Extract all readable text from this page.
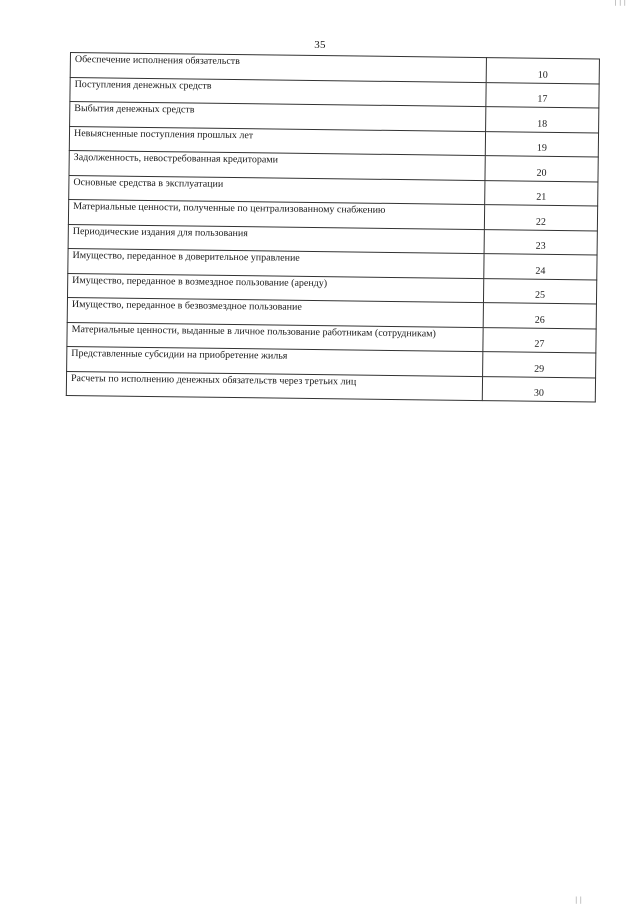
| | |
35
Обеспечение исполнения обязательств	10
Поступления денежных средств	17
Выбытия денежных средств	18
Невыясненные поступления прошлых лет	19
Задолженность, невостребованная кредиторами	20
Основные средства в эксплуатации	21
Материальные ценности, полученные по централизованному снабжению	22
Периодические издания для пользования	23
Имущество, переданное в доверительное управление	24
Имущество, переданное в возмездное пользование (аренду)	25
Имущество, переданное в безвозмездное пользование	26
Материальные ценности, выданные в личное пользование работникам (сотрудникам)	27
Представленные субсидии на приобретение жилья	29
Расчеты по исполнению денежных обязательств через третьих лиц	30
| |
